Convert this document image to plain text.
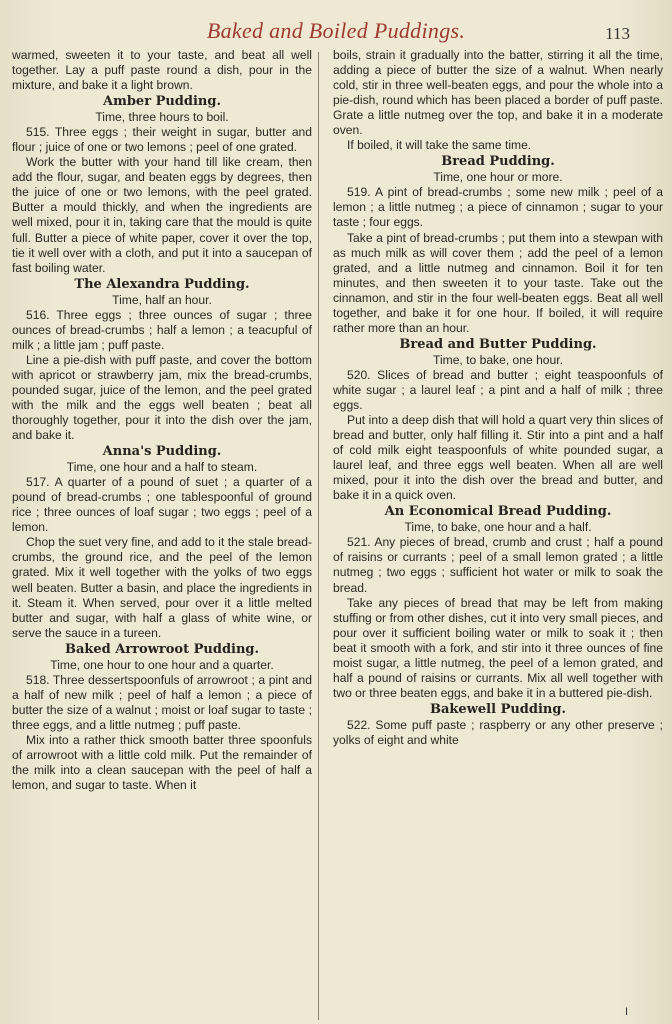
Baked and Boiled Puddings.	113

warmed, sweeten it to your taste, and beat all well together. Lay a puff paste round a dish, pour in the mixture, and bake it a light brown.

Amber Pudding.

Time, three hours to boil.

515. Three eggs ; their weight in sugar, butter and flour ; juice of one or two lemons ; peel of one grated.

Work the butter with your hand till like cream, then add the flour, sugar, and beaten eggs by degrees, then the juice of one or two lemons, with the peel grated. Butter a mould thickly, and when the ingredients are well mixed, pour it in, taking care that the mould is quite full. Butter a piece of white paper, cover it over the top, tie it well over with a cloth, and put it into a saucepan of fast boiling water.

The Alexandra Pudding.

Time, half an hour.

516. Three eggs ; three ounces of sugar ; three ounces of bread-crumbs ; half a lemon ; a teacupful of milk ; a little jam ; puff paste.

Line a pie-dish with puff paste, and cover the bottom with apricot or strawberry jam, mix the bread-crumbs, pounded sugar, juice of the lemon, and the peel grated with the milk and the eggs well beaten ; beat all thoroughly together, pour it into the dish over the jam, and bake it.

Anna's Pudding.

Time, one hour and a half to steam.

517. A quarter of a pound of suet ; a quarter of a pound of bread-crumbs ; one tablespoonful of ground rice ; three ounces of loaf sugar ; two eggs ; peel of a lemon.

Chop the suet very fine, and add to it the stale bread-crumbs, the ground rice, and the peel of the lemon grated. Mix it well together with the yolks of two eggs well beaten. Butter a basin, and place the ingredients in it. Steam it. When served, pour over it a little melted butter and sugar, with half a glass of white wine, or serve the sauce in a tureen.

Baked Arrowroot Pudding.

Time, one hour to one hour and a quarter.

518. Three dessertspoonfuls of arrowroot ; a pint and a half of new milk ; peel of half a lemon ; a piece of butter the size of a walnut ; moist or loaf sugar to taste ; three eggs, and a little nutmeg ; puff paste.

Mix into a rather thick smooth batter three spoonfuls of arrowroot with a little cold milk. Put the remainder of the milk into a clean saucepan with the peel of half a lemon, and sugar to taste. When it

boils, strain it gradually into the batter, stirring it all the time, adding a piece of butter the size of a walnut. When nearly cold, stir in three well-beaten eggs, and pour the whole into a pie-dish, round which has been placed a border of puff paste. Grate a little nutmeg over the top, and bake it in a moderate oven.

If boiled, it will take the same time.

Bread Pudding.

Time, one hour or more.

519. A pint of bread-crumbs ; some new milk ; peel of a lemon ; a little nutmeg ; a piece of cinnamon ; sugar to your taste ; four eggs.

Take a pint of bread-crumbs ; put them into a stewpan with as much milk as will cover them ; add the peel of a lemon grated, and a little nutmeg and cinnamon. Boil it for ten minutes, and then sweeten it to your taste. Take out the cinnamon, and stir in the four well-beaten eggs. Beat all well together, and bake it for one hour. If boiled, it will require rather more than an hour.

Bread and Butter Pudding.

Time, to bake, one hour.

520. Slices of bread and butter ; eight teaspoonfuls of white sugar ; a laurel leaf ; a pint and a half of milk ; three eggs.

Put into a deep dish that will hold a quart very thin slices of bread and butter, only half filling it. Stir into a pint and a half of cold milk eight teaspoonfuls of white pounded sugar, a laurel leaf, and three eggs well beaten. When all are well mixed, pour it into the dish over the bread and butter, and bake it in a quick oven.

An Economical Bread Pudding.

Time, to bake, one hour and a half.

521. Any pieces of bread, crumb and crust ; half a pound of raisins or currants ; peel of a small lemon grated ; a little nutmeg ; two eggs ; sufficient hot water or milk to soak the bread.

Take any pieces of bread that may be left from making stuffing or from other dishes, cut it into very small pieces, and pour over it sufficient boiling water or milk to soak it ; then beat it smooth with a fork, and stir into it three ounces of fine moist sugar, a little nutmeg, the peel of a lemon grated, and half a pound of raisins or currants. Mix all well together with two or three beaten eggs, and bake it in a buttered pie-dish.

Bakewell Pudding.

522. Some puff paste ; raspberry or any other preserve ; yolks of eight and white

I
